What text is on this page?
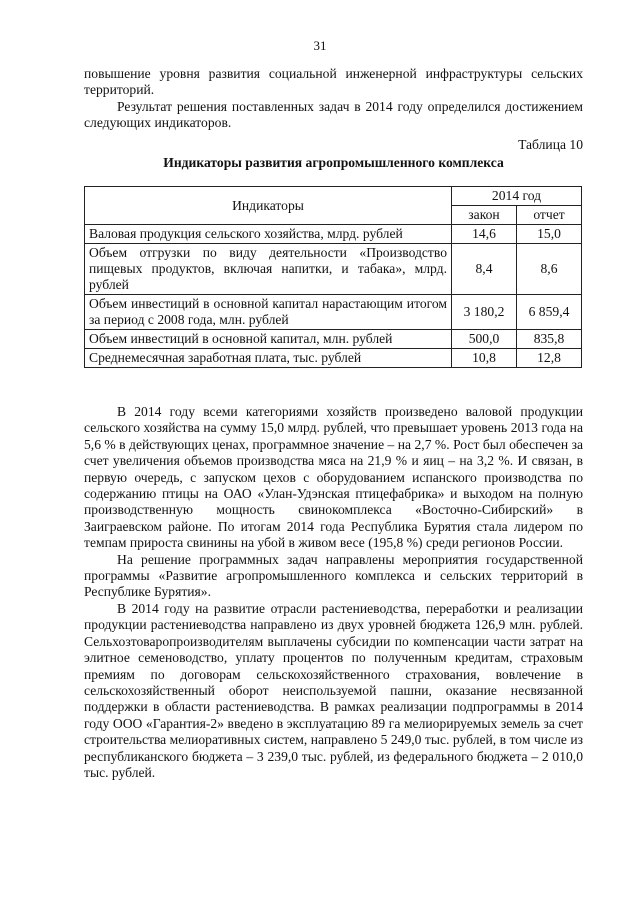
31

повышение уровня развития социальной инженерной инфраструктуры сельских территорий.

Результат решения поставленных задач в 2014 году определился достижением следующих индикаторов.

Таблица 10
Индикаторы развития агропромышленного комплекса
Индикаторы	2014 год	
	закон	отчет
Валовая продукция сельского хозяйства, млрд. рублей	14,6	15,0
Объем отгрузки по виду деятельности «Производство пищевых продуктов, включая напитки, и табака», млрд. рублей	8,4	8,6
Объем инвестиций в основной капитал нарастающим итогом за период с 2008 года, млн. рублей	3 180,2	6 859,4
Объем инвестиций в основной капитал, млн. рублей	500,0	835,8
Среднемесячная заработная плата, тыс. рублей	10,8	12,8

В 2014 году всеми категориями хозяйств произведено валовой продукции сельского хозяйства на сумму 15,0 млрд. рублей, что превышает уровень 2013 года на 5,6 % в действующих ценах, программное значение – на 2,7 %. Рост был обеспечен за счет увеличения объемов производства мяса на 21,9 % и яиц – на 3,2 %. И связан, в первую очередь, с запуском цехов с оборудованием испанского производства по содержанию птицы на ОАО «Улан-Удэнская птицефабрика» и выходом на полную производственную мощность свинокомплекса «Восточно-Сибирский» в Заиграевском районе. По итогам 2014 года Республика Бурятия стала лидером по темпам прироста свинины на убой в живом весе (195,8 %) среди регионов России.

На решение программных задач направлены мероприятия государственной программы «Развитие агропромышленного комплекса и сельских территорий в Республике Бурятия».

В 2014 году на развитие отрасли растениеводства, переработки и реализации продукции растениеводства направлено из двух уровней бюджета 126,9 млн. рублей. Сельхозтоваропроизводителям выплачены субсидии по компенсации части затрат на элитное семеноводство, уплату процентов по полученным кредитам, страховым премиям по договорам сельскохозяйственного страхования, вовлечение в сельскохозяйственный оборот неиспользуемой пашни, оказание несвязанной поддержки в области растениеводства. В рамках реализации подпрограммы в 2014 году ООО «Гарантия-2» введено в эксплуатацию 89 га мелиорируемых земель за счет строительства мелиоративных систем, направлено 5 249,0 тыс. рублей, в том числе из республиканского бюджета – 3 239,0 тыс. рублей, из федерального бюджета – 2 010,0 тыс. рублей.
